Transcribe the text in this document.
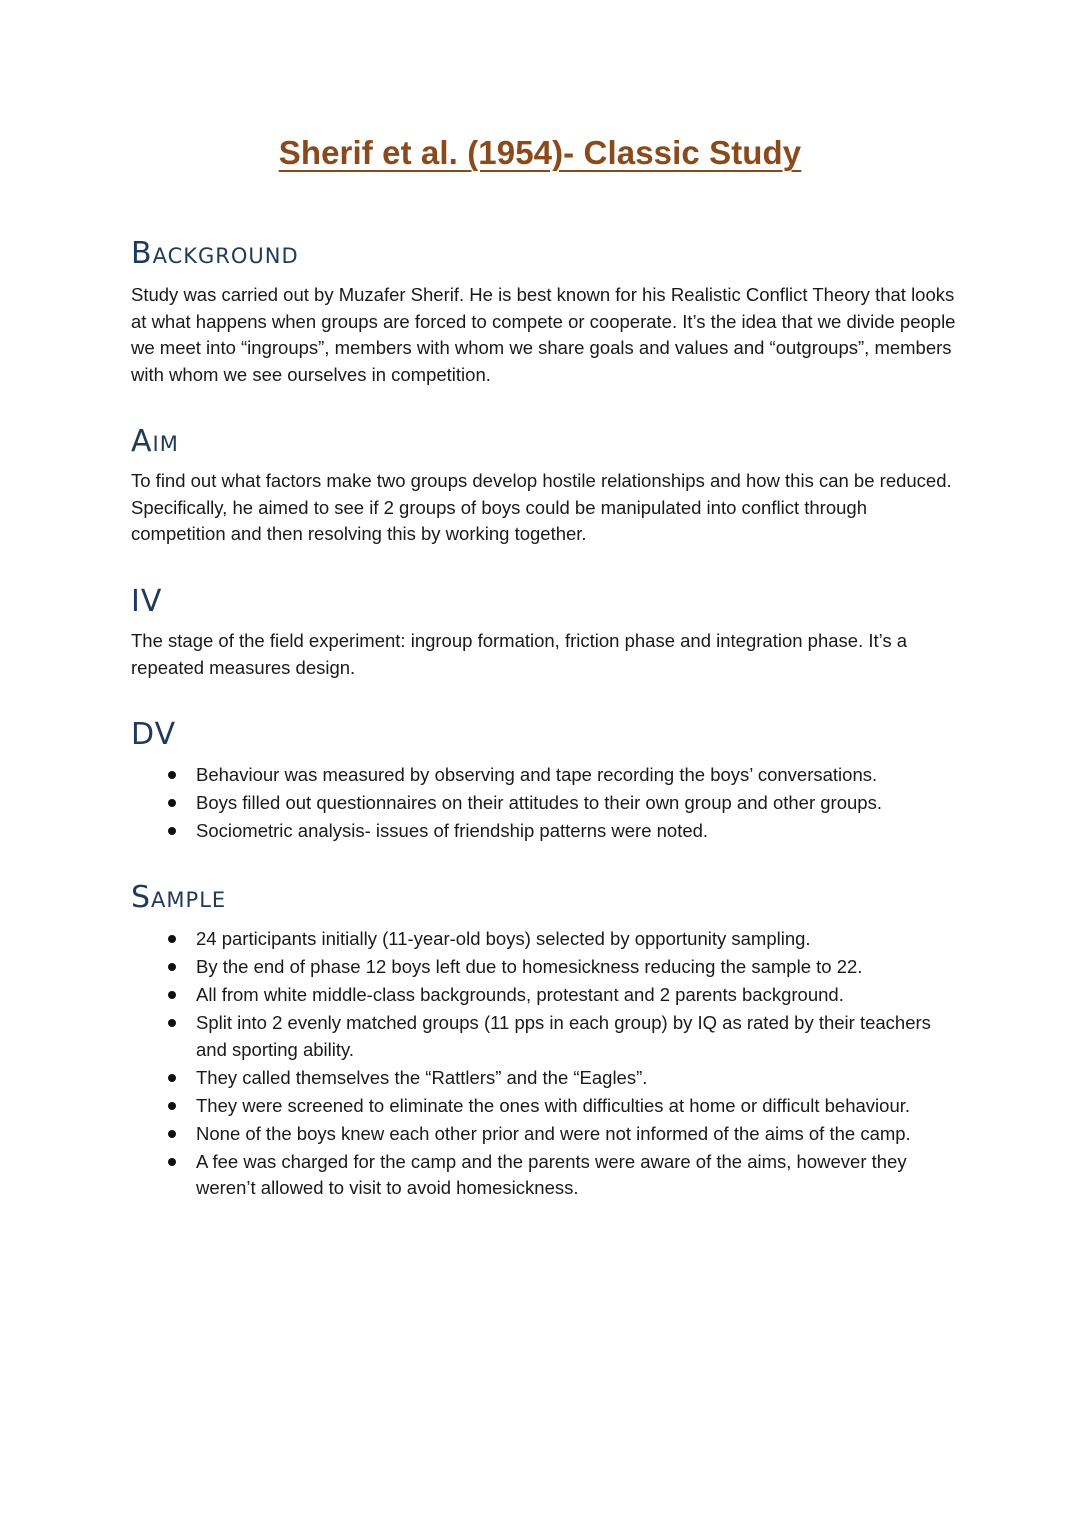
Sherif et al. (1954)- Classic Study
Background

Study was carried out by Muzafer Sherif. He is best known for his Realistic Conflict Theory that looks at what happens when groups are forced to compete or cooperate. It’s the idea that we divide people we meet into “ingroups”, members with whom we share goals and values and “outgroups”, members with whom we see ourselves in competition.

Aim

To find out what factors make two groups develop hostile relationships and how this can be reduced. Specifically, he aimed to see if 2 groups of boys could be manipulated into conflict through competition and then resolving this by working together.

IV

The stage of the field experiment: ingroup formation, friction phase and integration phase. It’s a repeated measures design.

DV
Behaviour was measured by observing and tape recording the boys’ conversations.
Boys filled out questionnaires on their attitudes to their own group and other groups.
Sociometric analysis- issues of friendship patterns were noted.
Sample
24 participants initially (11-year-old boys) selected by opportunity sampling.
By the end of phase 12 boys left due to homesickness reducing the sample to 22.
All from white middle-class backgrounds, protestant and 2 parents background.
Split into 2 evenly matched groups (11 pps in each group) by IQ as rated by their teachers and sporting ability.
They called themselves the “Rattlers” and the “Eagles”.
They were screened to eliminate the ones with difficulties at home or difficult behaviour.
None of the boys knew each other prior and were not informed of the aims of the camp.
A fee was charged for the camp and the parents were aware of the aims, however they weren’t allowed to visit to avoid homesickness.
